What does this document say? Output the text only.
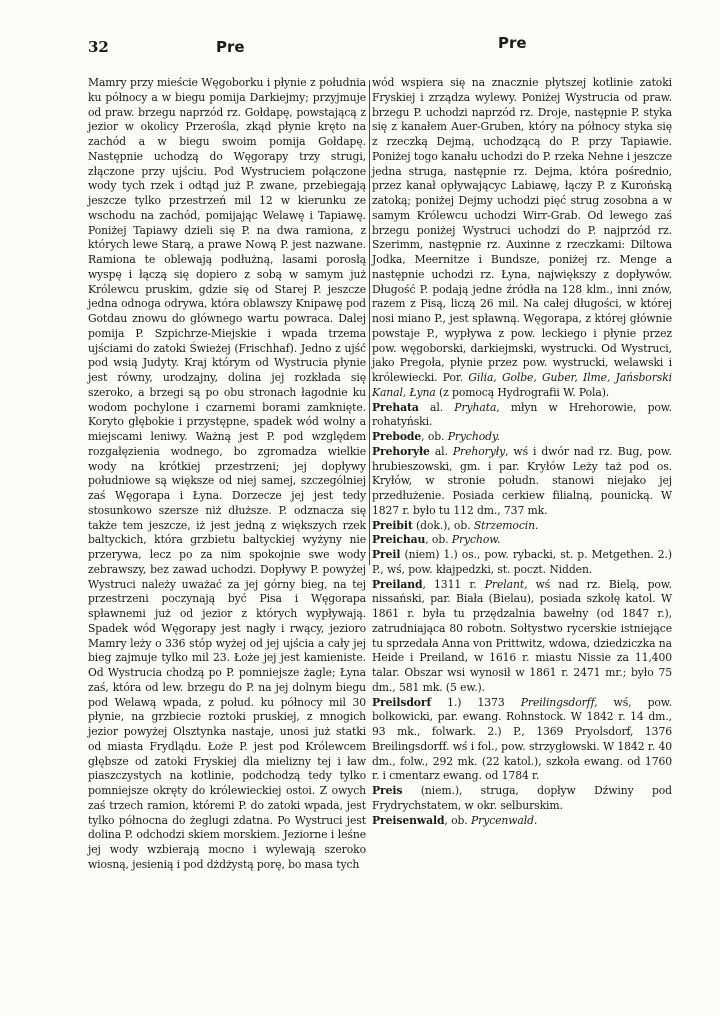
32	Pre	Pre

Mamry przy mieście Węgoborku i płynie z południa ku północy a w biegu pomija Darkiejmy; przyjmuje od praw. brzegu naprzód rz. Gołdapę, powstającą z jezior w okolicy Przerośla, zkąd płynie kręto na zachód a w biegu swoim pomija Gołdapę. Następnie uchodzą do Węgorapy trzy strugi, złączone przy ujściu. Pod Wystruciem połączone wody tych rzek i odtąd już P. zwane, przebiegają jeszcze tylko przestrzeń mil 12 w kierunku ze wschodu na zachód, pomijając Welawę i Tapiawę. Poniżej Tapiawy dzieli się P. na dwa ramiona, z których lewe Starą, a prawe Nową P. jest nazwane. Ramiona te oblewają podłużną, lasami porosłą wyspę i łączą się dopiero z sobą w samym już Królewcu pruskim, gdzie się od Starej P. jeszcze jedna odnoga odrywa, która oblawszy Knipawę pod Gotdau znowu do głównego wartu powraca. Dalej pomija P. Szpichrze-Miejskie i wpada trzema ujściami do zatoki Świeżej (Frischhaf). Jedno z ujść pod wsią Judyty. Kraj którym od Wystrucia płynie jest równy, urodzajny, dolina jej rozkłada się szeroko, a brzegi są po obu stronach łagodnie ku wodom pochylone i czarnemi borami zamknięte. Koryto głębokie i przystępne, spadek wód wolny a miejscami leniwy. Ważną jest P. pod względem rozgałęzienia wodnego, bo zgromadza wielkie wody na krótkiej przestrzeni; jej dopływy południowe są większe od niej samej, szczególniej zaś Węgorapa i Łyna. Dorzecze jej jest tedy stosunkowo szersze niż dłuższe. P. odznacza się także tem jeszcze, iż jest jedną z większych rzek baltyckich, która grzbietu baltyckiej wyżyny nie przerywa, lecz po za nim spokojnie swe wody zebrawszy, bez zawad uchodzi. Dopływy P. powyżej Wystruci należy uważać za jej górny bieg, na tej przestrzeni poczynają być Pisa i Węgorapa spławnemi już od jezior z których wypływają. Spadek wód Węgorapy jest nagły i rwący, jezioro Mamry leży o 336 stóp wyżej od jej ujścia a cały jej bieg zajmuje tylko mil 23. Łoże jej jest kamieniste. Od Wystrucia chodzą po P. pomniejsze żagle; Łyna zaś, która od lew. brzegu do P. na jej dolnym biegu pod Welawą wpada, z połud. ku północy mil 30 płynie, na grzbiecie roztoki pruskiej, z mnogich jezior powyżej Olsztynka nastaje, unosi już statki od miasta Frydlądu. Łoże P. jest pod Królewcem głębsze od zatoki Fryskiej dla mielizny tej i ław piaszczystych na kotlinie, podchodzą tedy tylko pomniejsze okręty do królewieckiej ostoi. Z owych zaś trzech ramion, któremi P. do zatoki wpada, jest tylko północna do żeglugi zdatna. Po Wystruci jest dolina P. odchodzi skiem morskiem. Jeziorne i leśne jej wody wzbierają mocno i wylewają szeroko wiosną, jesienią i pod dżdżystą porę, bo masa tych

wód wspiera się na znacznie płytszej kotlinie zatoki Fryskiej i zrządza wylewy. Poniżej Wystrucia od praw. brzegu P. uchodzi naprzód rz. Droje, następnie P. styka się z kanałem Auer-Gruben, który na północy styka się z rzeczką Dejmą, uchodzącą do P. przy Tapiawie. Poniżej togo kanału uchodzi do P. rzeka Nehne i jeszcze jedna struga, następnie rz. Dejma, która pośrednio, przez kanał opływającyc Labiawę, łączy P. z Kurońską zatoką; poniżej Dejmy uchodzi pięć strug zosobna a w samym Królewcu uchodzi Wirr-Grab. Od lewego zaś brzegu poniżej Wystruci uchodzi do P. najprzód rz. Szerimm, następnie rz. Auxinne z rzeczkami: Diltowa Jodka, Meernitze i Bundsze, poniżej rz. Menge a następnie uchodzi rz. Łyna, największy z dopływów. Długość P. podają jedne źródła na 128 klm., inni znów, razem z Pisą, liczą 26 mil. Na całej długości, w której nosi miano P., jest spławną. Węgorapa, z której głównie powstaje P., wypływa z pow. leckiego i płynie przez pow. węgoborski, darkiejmski, wystrucki. Od Wystruci, jako Pregoła, płynie przez pow. wystrucki, welawski i królewiecki. Por. Gilia, Golbe, Guber, Ilme, Jańsborski Kanal, Łyna (z pomocą Hydrografii W. Pola).

Prehata al. Pryhata, młyn w Hrehorowie, pow. rohatyński.

Prebode, ob. Prychody.

Prehoryłe al. Prehoryły, wś i dwór nad rz. Bug, pow. hrubieszowski, gm. i par. Kryłów Leży taż pod os. Kryłów, w stronie połudn. stanowi niejako jej przedłużenie. Posiada cerkiew filialną, pounicką. W 1827 r. było tu 112 dm., 737 mk.

Preibit (dok.), ob. Strzemocin.

Preichau, ob. Prychow.

Preil (niem) 1.) os., pow. rybacki, st. p. Metgethen. 2.) P., wś, pow. kłajpedzki, st. poczt. Nidden.

Preiland, 1311 r. Prelant, wś nad rz. Bielą, pow. nissański, par. Biała (Bielau), posiada szkołę katol. W 1861 r. była tu przędzalnia bawełny (od 1847 r.), zatrudniająca 80 robotn. Sołtystwo rycerskie istniejące tu sprzedała Anna von Prittwitz, wdowa, dziedziczka na Heide i Preiland, w 1616 r. miastu Nissie za 11,400 talar. Obszar wsi wynosił w 1861 r. 2471 mr.; było 75 dm., 581 mk. (5 ew.).

Preilsdorf 1.) 1373 Preilingsdorff, wś, pow. bolkowicki, par. ewang. Rohnstock. W 1842 r. 14 dm., 93 mk., folwark. 2.) P., 1369 Pryolsdorf, 1376 Breilingsdorff. wś i fol., pow. strzygłowski. W 1842 r. 40 dm., folw., 292 mk. (22 katol.), szkoła ewang. od 1760 r. i cmentarz ewang. od 1784 r.

Preis (niem.), struga, dopływ Dźwiny pod Frydrychstatem, w okr. selburskim.

Preisenwald, ob. Prycenwald.
